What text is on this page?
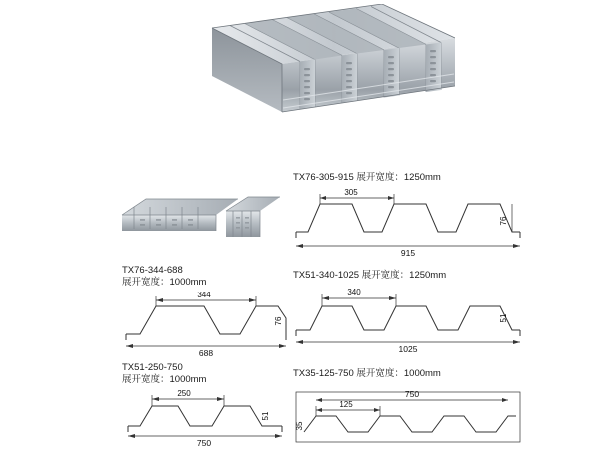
TX76-305-915 展开宽度：1250mm
305
76
915
TX76-344-688
展开宽度：1000mm
344
76
688
TX51-340-1025 展开宽度：1250mm
340
51
1025
TX51-250-750
展开宽度：1000mm
250
51
750
TX35-125-750 展开宽度：1000mm
125
750
35
